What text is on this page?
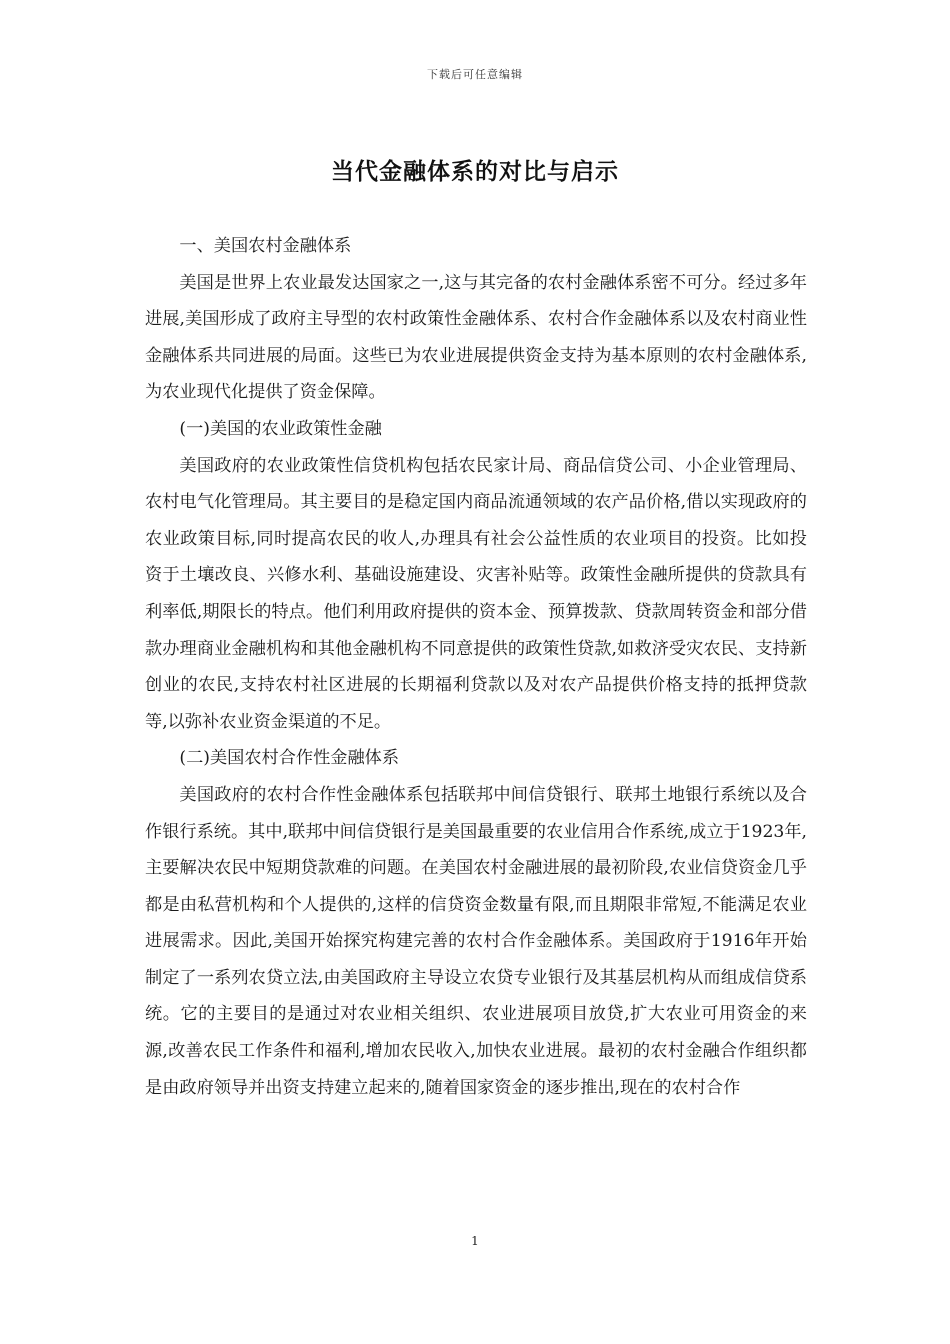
下载后可任意编辑
当代金融体系的对比与启示

一、美国农村金融体系

美国是世界上农业最发达国家之一,这与其完备的农村金融体系密不可分。经过多年进展,美国形成了政府主导型的农村政策性金融体系、农村合作金融体系以及农村商业性金融体系共同进展的局面。这些已为农业进展提供资金支持为基本原则的农村金融体系,为农业现代化提供了资金保障。

(一)美国的农业政策性金融

美国政府的农业政策性信贷机构包括农民家计局、商品信贷公司、小企业管理局、农村电气化管理局。其主要目的是稳定国内商品流通领域的农产品价格,借以实现政府的农业政策目标,同时提高农民的收人,办理具有社会公益性质的农业项目的投资。比如投资于土壤改良、兴修水利、基础设施建设、灾害补贴等。政策性金融所提供的贷款具有利率低,期限长的特点。他们利用政府提供的资本金、预算拨款、贷款周转资金和部分借款办理商业金融机构和其他金融机构不同意提供的政策性贷款,如救济受灾农民、支持新创业的农民,支持农村社区进展的长期福利贷款以及对农产品提供价格支持的抵押贷款等,以弥补农业资金渠道的不足。

(二)美国农村合作性金融体系

美国政府的农村合作性金融体系包括联邦中间信贷银行、联邦土地银行系统以及合作银行系统。其中,联邦中间信贷银行是美国最重要的农业信用合作系统,成立于1923年,主要解决农民中短期贷款难的问题。在美国农村金融进展的最初阶段,农业信贷资金几乎都是由私营机构和个人提供的,这样的信贷资金数量有限,而且期限非常短,不能满足农业进展需求。因此,美国开始探究构建完善的农村合作金融体系。美国政府于1916年开始制定了一系列农贷立法,由美国政府主导设立农贷专业银行及其基层机构从而组成信贷系统。它的主要目的是通过对农业相关组织、农业进展项目放贷,扩大农业可用资金的来源,改善农民工作条件和福利,增加农民收入,加快农业进展。最初的农村金融合作组织都是由政府领导并出资支持建立起来的,随着国家资金的逐步推出,现在的农村合作

1
